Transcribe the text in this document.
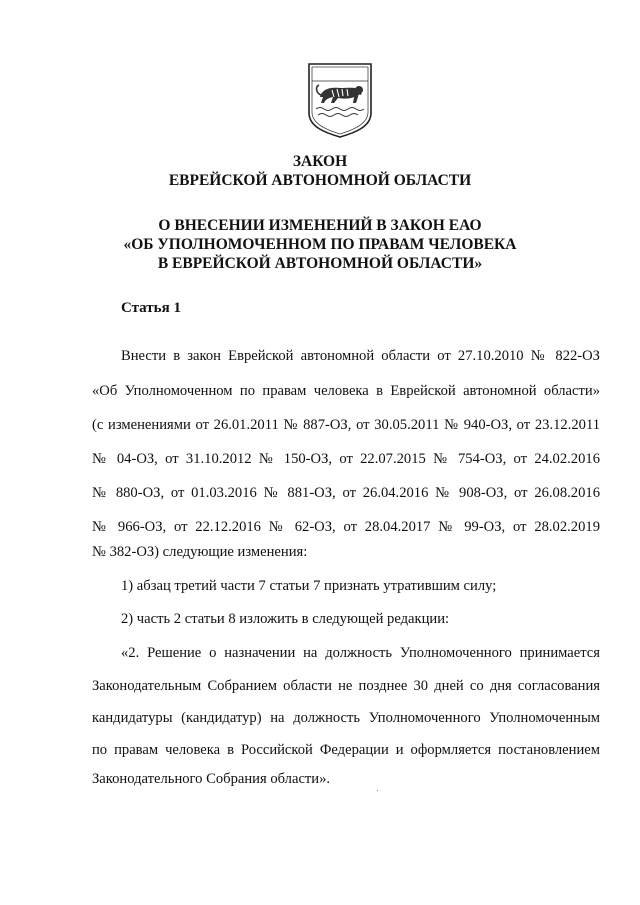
ЗАКОН
ЕВРЕЙСКОЙ АВТОНОМНОЙ ОБЛАСТИ
О ВНЕСЕНИИ ИЗМЕНЕНИЙ В ЗАКОН ЕАО
«ОБ УПОЛНОМОЧЕННОМ ПО ПРАВАМ ЧЕЛОВЕКА
В ЕВРЕЙСКОЙ АВТОНОМНОЙ ОБЛАСТИ»
Статья 1
Внести в закон Еврейской автономной области от 27.10.2010 № 822-ОЗ
«Об Уполномоченном по правам человека в Еврейской автономной области»
(с изменениями от 26.01.2011 № 887-ОЗ, от 30.05.2011 № 940-ОЗ, от 23.12.2011
№ 04-ОЗ, от 31.10.2012 № 150-ОЗ, от 22.07.2015 № 754-ОЗ, от 24.02.2016
№ 880-ОЗ, от 01.03.2016 № 881-ОЗ, от 26.04.2016 № 908-ОЗ, от 26.08.2016
№ 966-ОЗ, от 22.12.2016 № 62-ОЗ, от 28.04.2017 № 99-ОЗ, от 28.02.2019
№ 382-ОЗ) следующие изменения:
1) абзац третий части 7 статьи 7 признать утратившим силу;
2) часть 2 статьи 8 изложить в следующей редакции:
«2. Решение о назначении на должность Уполномоченного принимается
Законодательным Собранием области не позднее 30 дней со дня согласования
кандидатуры (кандидатур) на должность Уполномоченного Уполномоченным
по правам человека в Российской Федерации и оформляется постановлением
Законодательного Собрания области».
